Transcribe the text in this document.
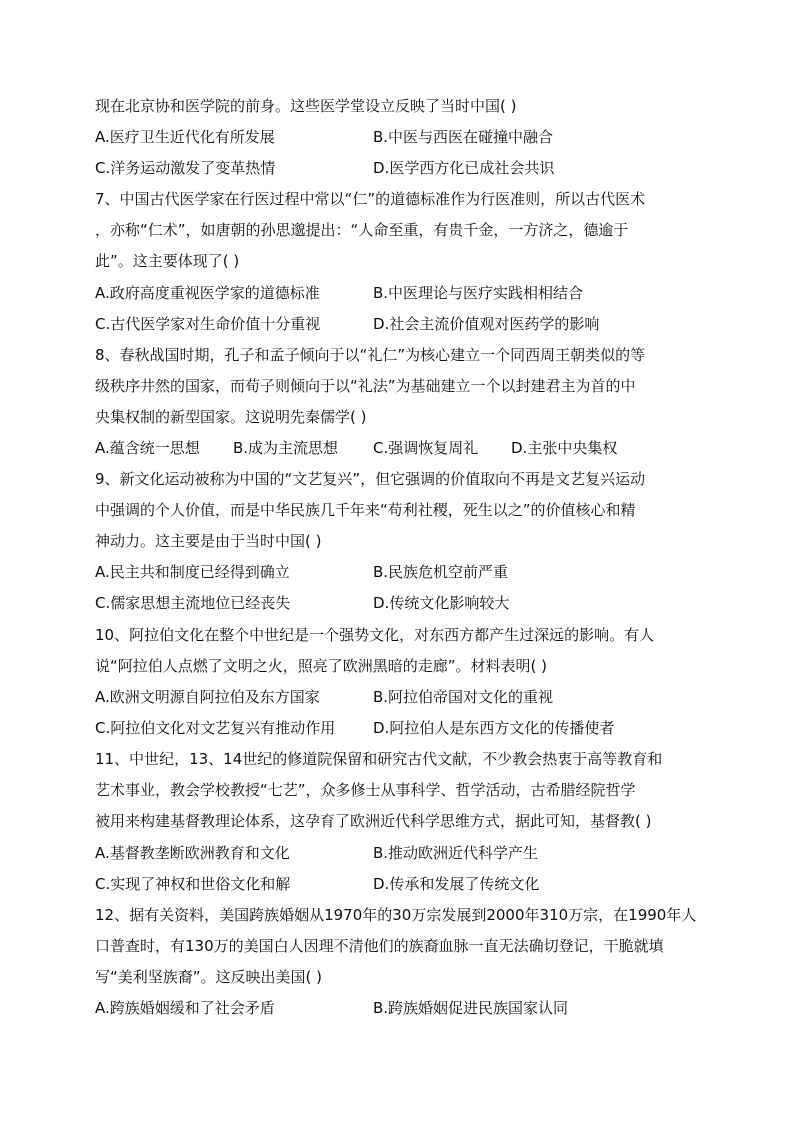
现在北京协和医学院的前身。这些医学堂设立反映了当时中国( )
A.医疗卫生近代化有所发展	B.中医与西医在碰撞中融合
C.洋务运动激发了变革热情	D.医学西方化已成社会共识
7、中国古代医学家在行医过程中常以“仁”的道德标准作为行医准则，所以古代医术
，亦称“仁术”，如唐朝的孙思邈提出：“人命至重，有贵千金，一方济之，德逾于
此”。这主要体现了( )
A.政府高度重视医学家的道德标准	B.中医理论与医疗实践相相结合
C.古代医学家对生命价值十分重视	D.社会主流价值观对医药学的影响
8、春秋战国时期，孔子和孟子倾向于以“礼仁”为核心建立一个同西周王朝类似的等
级秩序井然的国家，而荀子则倾向于以“礼法”为基础建立一个以封建君主为首的中
央集权制的新型国家。这说明先秦儒学( )
A.蕴含统一思想 B.成为主流思想 C.强调恢复周礼 D.主张中央集权
9、新文化运动被称为中国的“文艺复兴”，但它强调的价值取向不再是文艺复兴运动
中强调的个人价值，而是中华民族几千年来“苟利社稷，死生以之”的价值核心和精
神动力。这主要是由于当时中国( )
A.民主共和制度已经得到确立	B.民族危机空前严重
C.儒家思想主流地位已经丧失	D.传统文化影响较大
10、阿拉伯文化在整个中世纪是一个强势文化，对东西方都产生过深远的影响。有人
说“阿拉伯人点燃了文明之火，照亮了欧洲黑暗的走廊”。材料表明( )
A.欧洲文明源自阿拉伯及东方国家	B.阿拉伯帝国对文化的重视
C.阿拉伯文化对文艺复兴有推动作用	D.阿拉伯人是东西方文化的传播使者
11、中世纪，13、14世纪的修道院保留和研究古代文献，不少教会热衷于高等教育和
艺术事业，教会学校教授“七艺”，众多修士从事科学、哲学活动，古希腊经院哲学
被用来构建基督教理论体系，这孕育了欧洲近代科学思维方式，据此可知，基督教( )
A.基督教垄断欧洲教育和文化	B.推动欧洲近代科学产生
C.实现了神权和世俗文化和解	D.传承和发展了传统文化
12、据有关资料，美国跨族婚姻从1970年的30万宗发展到2000年310万宗，在1990年人
口普查时，有130万的美国白人因理不清他们的族裔血脉一直无法确切登记，干脆就填
写“美利坚族裔”。这反映出美国( )
A.跨族婚姻缓和了社会矛盾	B.跨族婚姻促进民族国家认同
